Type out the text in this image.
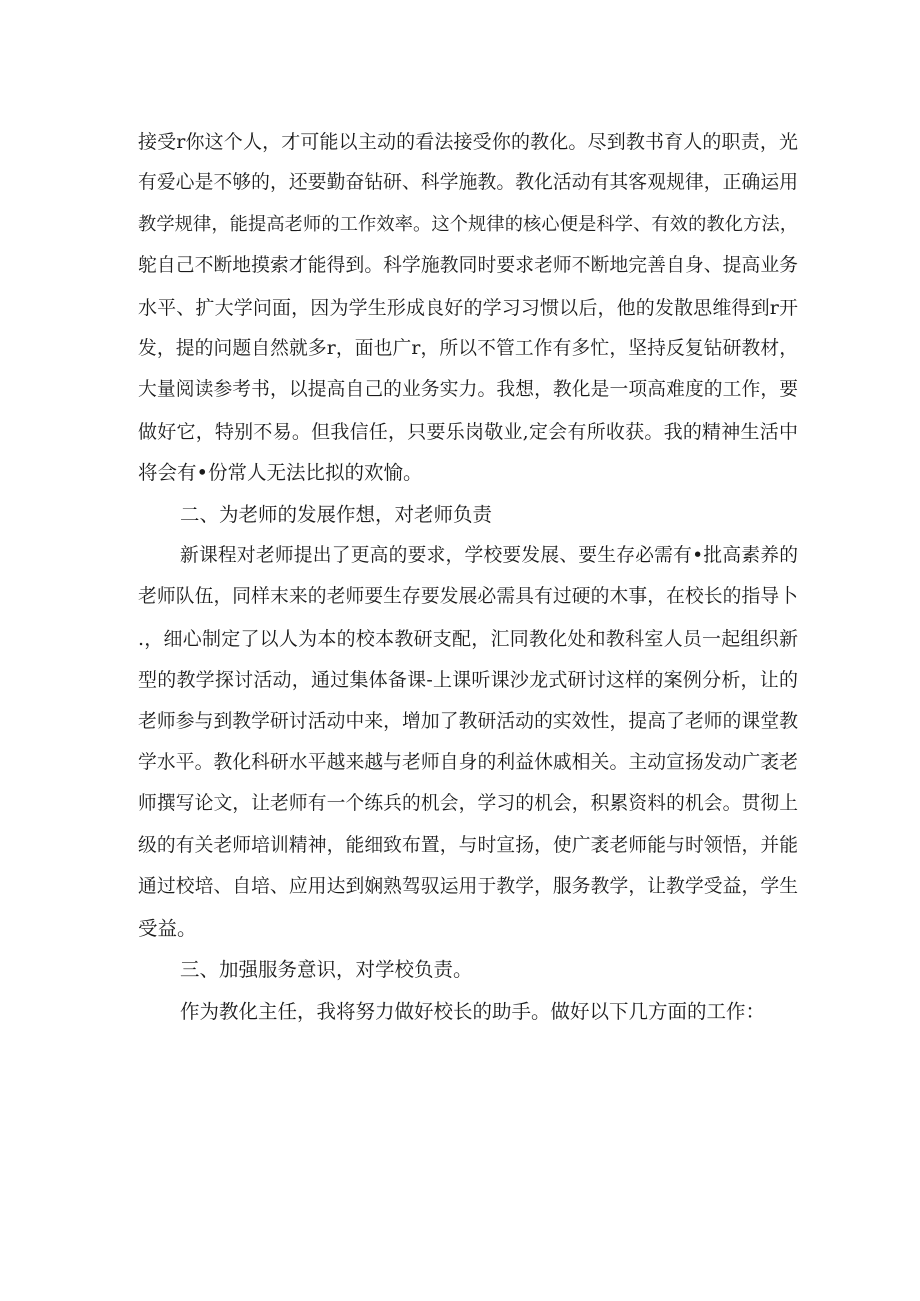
接受r你这个人，才可能以主动的看法接受你的教化。尽到教书育人的职责，光
有爱心是不够的，还要勤奋钻研、科学施教。教化活动有其客观规律，正确运用
教学规律，能提高老师的工作效率。这个规律的核心便是科学、有效的教化方法，
鸵自己不断地摸索才能得到。科学施教同时要求老师不断地完善自身、提高业务
水平、扩大学问面，因为学生形成良好的学习习惯以后，他的发散思维得到r开
发，提的问题自然就多r，面也广r，所以不管工作有多忙，坚持反复钻研教材，
大量阅读参考书，以提高自己的业务实力。我想，教化是一项高难度的工作，要
做好它，特别不易。但我信任，只要乐岗敬业,定会有所收获。我的精神生活中
将会有•份常人无法比拟的欢愉。
二、为老师的发展作想，对老师负责
新课程对老师提出了更高的要求，学校要发展、要生存必需有•批高素养的
老师队伍，同样末来的老师要生存要发展必需具有过硬的木事，在校长的指导卜
.，细心制定了以人为本的校本教研支配，汇同教化处和教科室人员一起组织新
型的教学探讨活动，通过集体备课-上课听课沙龙式研讨这样的案例分析，让的
老师参与到教学研讨活动中来，增加了教研活动的实效性，提高了老师的课堂教
学水平。教化科研水平越来越与老师自身的利益休戚相关。主动宣扬发动广袤老
师撰写论文，让老师有一个练兵的机会，学习的机会，积累资料的机会。贯彻上
级的有关老师培训精神，能细致布置，与时宣扬，使广袤老师能与时领悟，并能
通过校培、自培、应用达到娴熟驾驭运用于教学，服务教学，让教学受益，学生
受益。
三、加强服务意识，对学校负责。
作为教化主任，我将努力做好校长的助手。做好以下几方面的工作：
